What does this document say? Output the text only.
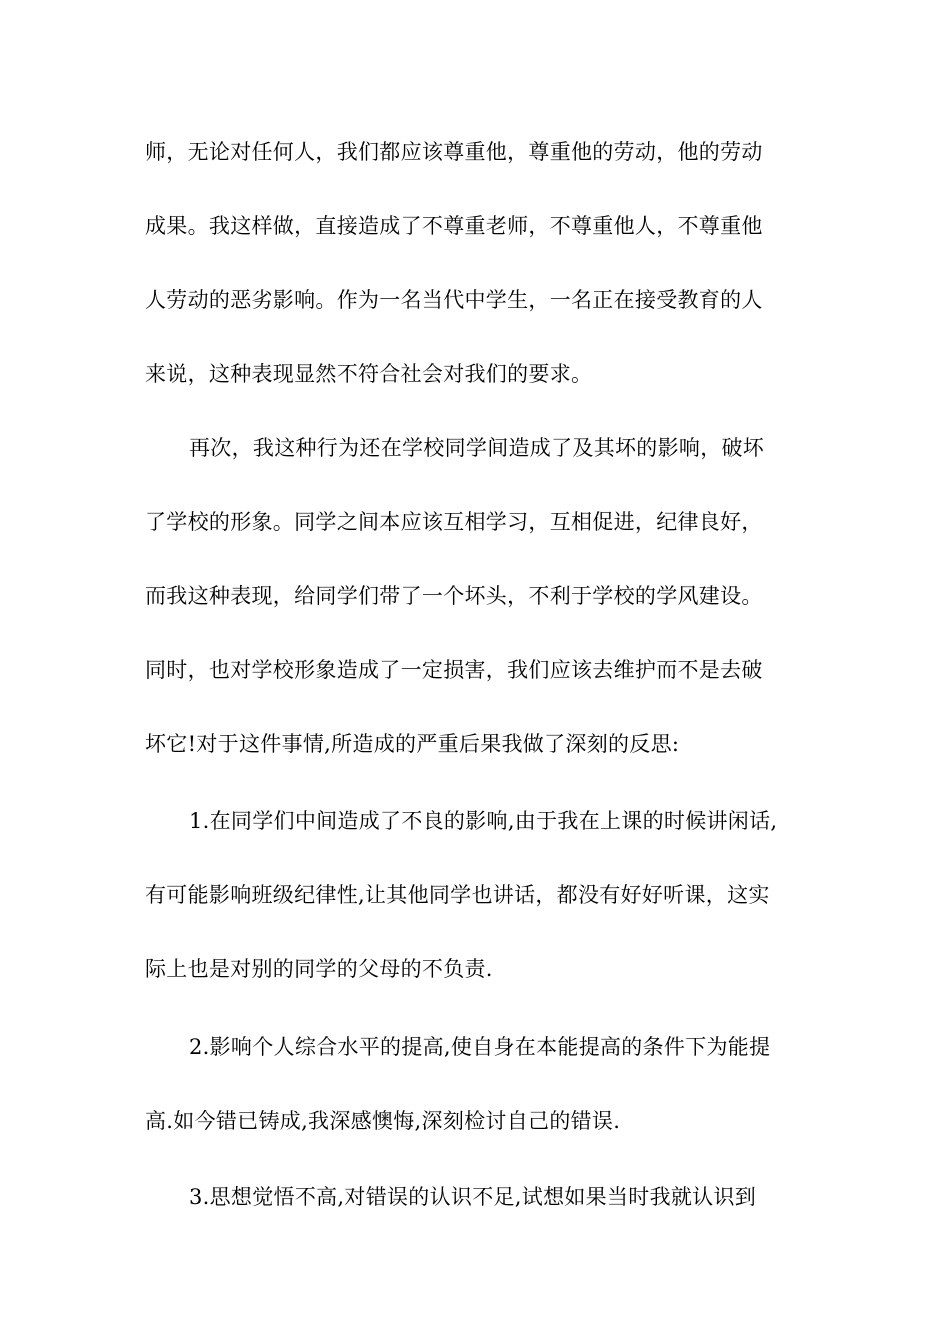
师，无论对任何人，我们都应该尊重他，尊重他的劳动，他的劳动
成果。我这样做，直接造成了不尊重老师，不尊重他人，不尊重他
人劳动的恶劣影响。作为一名当代中学生，一名正在接受教育的人
来说，这种表现显然不符合社会对我们的要求。
再次，我这种行为还在学校同学间造成了及其坏的影响，破坏
了学校的形象。同学之间本应该互相学习，互相促进，纪律良好，
而我这种表现，给同学们带了一个坏头，不利于学校的学风建设。
同时，也对学校形象造成了一定损害，我们应该去维护而不是去破
坏它!对于这件事情,所造成的严重后果我做了深刻的反思:
1.在同学们中间造成了不良的影响,由于我在上课的时候讲闲话,
有可能影响班级纪律性,让其他同学也讲话，都没有好好听课，这实
际上也是对别的同学的父母的不负责.
2.影响个人综合水平的提高,使自身在本能提高的条件下为能提
高.如今错已铸成,我深感懊悔,深刻检讨自己的错误.
3.思想觉悟不高,对错误的认识不足,试想如果当时我就认识到
